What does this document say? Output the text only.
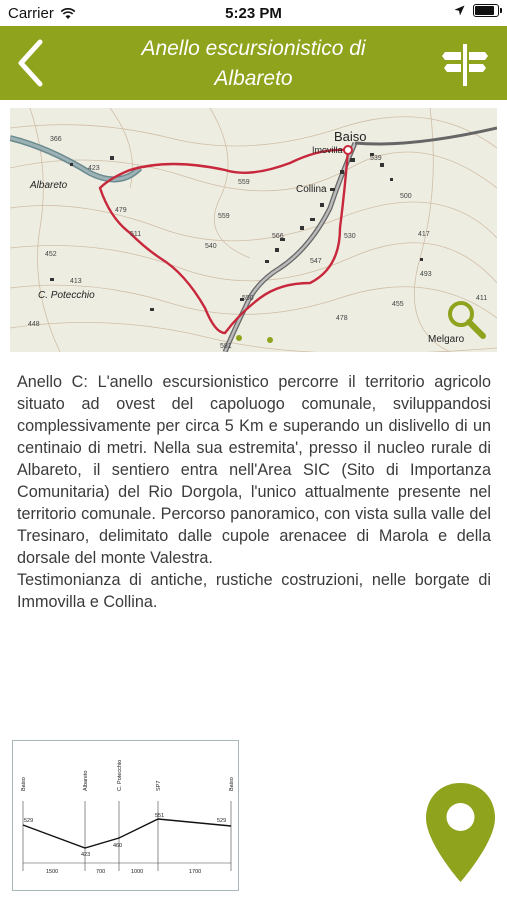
Carrier	5:23 PM
Anello escursionistico di
Albareto
Baiso
Imovilla
Collina
Albareto
C. Potecchio
Melgaro
366
423
479
511
452
413
448
559
559
540
530
547
566
550
478
493
455
417
411
500
581
539

Anello C: L'anello escursionistico percorre il territorio agricolo situato ad ovest del capoluogo comunale, sviluppandosi complessivamente per circa 5 Km e superando un dislivello di un centinaio di metri. Nella sua estremita', presso il nucleo rurale di Albareto, il sentiero entra nell'Area SIC (Sito di Importanza Comunitaria) del Rio Dorgola, l'unico attualmente presente nel territorio comunale. Percorso panoramico, con vista sulla valle del Tresinaro, delimitato dalle cupole arenacee di Marola e della dorsale del monte Valestra.

Testimonianza di antiche, rustiche costruzioni, nelle borgate di Immovilla e Collina.

Baiso	Albareto	C. Potecchio	SP7	Baiso
529
423
460
551
529
1500	700	1000	1700
